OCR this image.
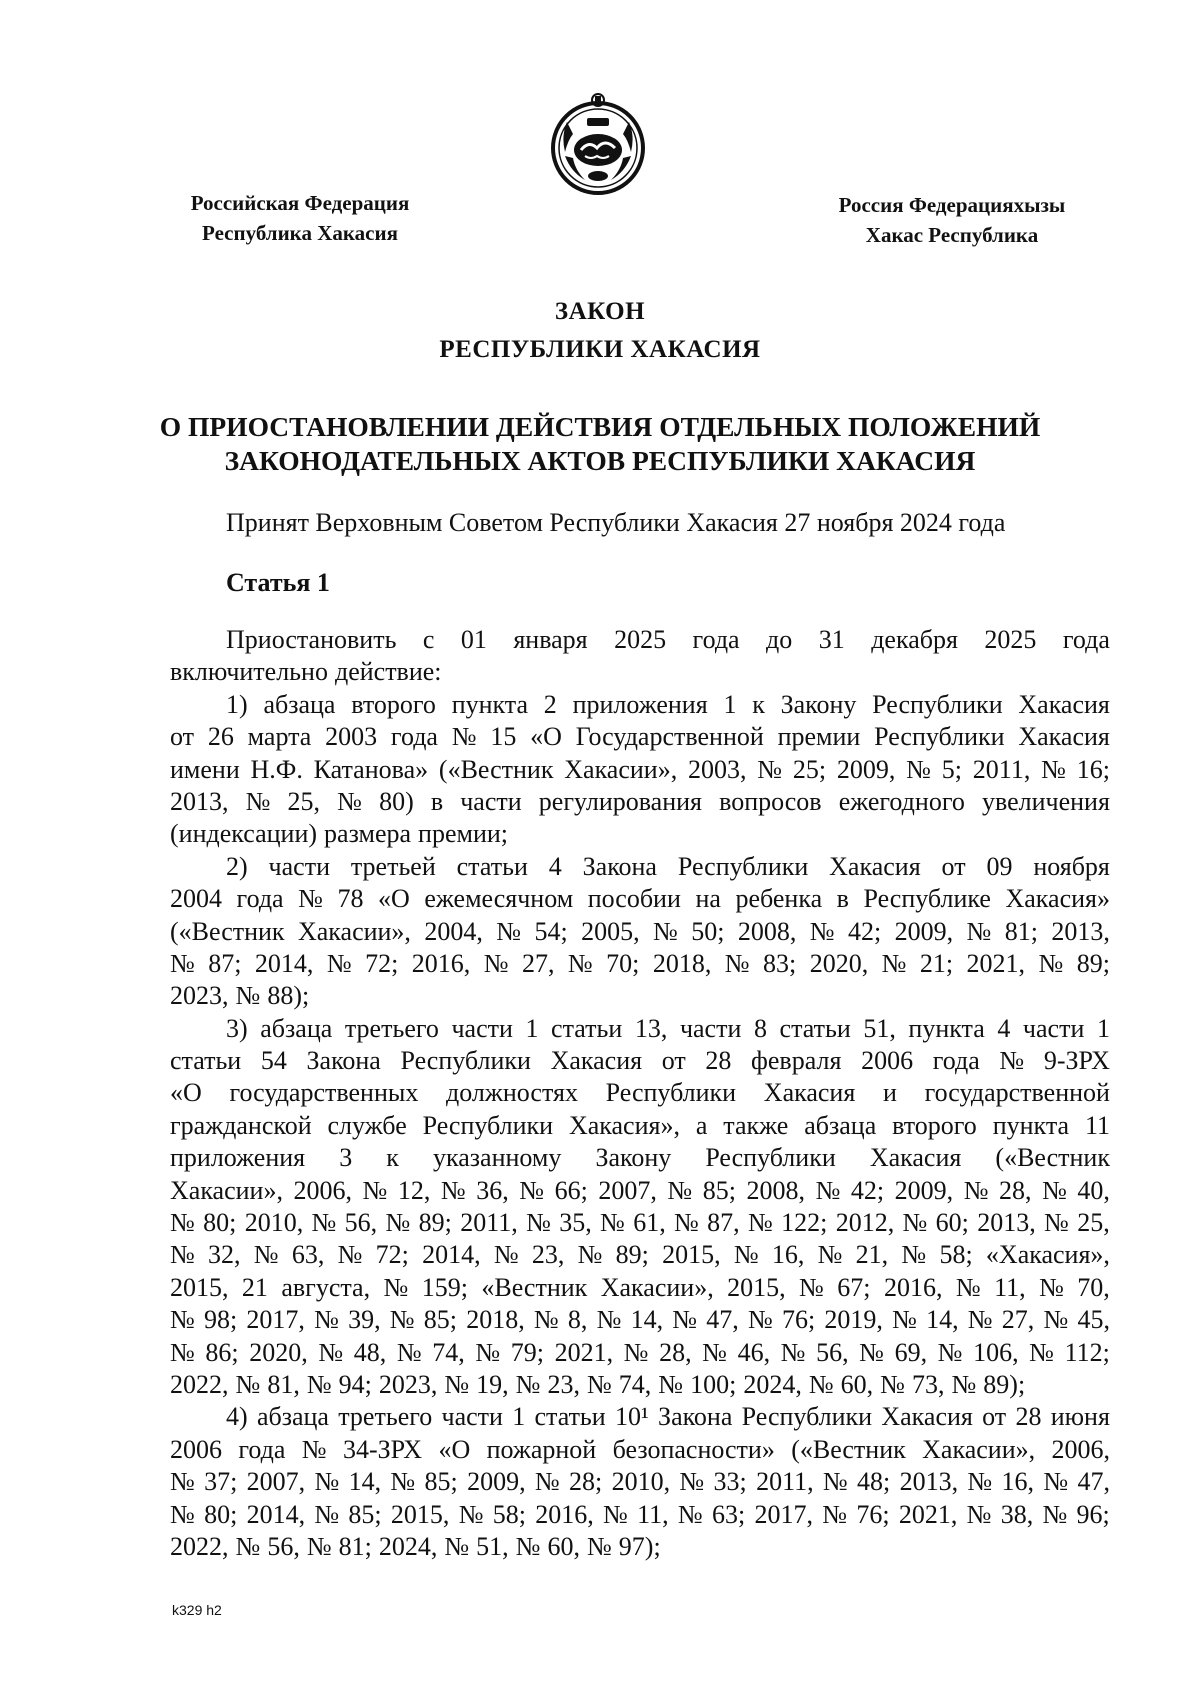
Российская Федерация
Республика Хакасия
Россия Федерацияхызы
Хакас Республика
ЗАКОН
РЕСПУБЛИКИ ХАКАСИЯ
О ПРИОСТАНОВЛЕНИИ ДЕЙСТВИЯ ОТДЕЛЬНЫХ ПОЛОЖЕНИЙ
ЗАКОНОДАТЕЛЬНЫХ АКТОВ РЕСПУБЛИКИ ХАКАСИЯ
Принят Верховным Советом Республики Хакасия 27 ноября 2024 года
Статья 1
Приостановить с 01 января 2025 года до 31 декабря 2025 года
включительно действие:
1) абзаца второго пункта 2 приложения 1 к Закону Республики Хакасия
от 26 марта 2003 года № 15 «О Государственной премии Республики Хакасия
имени Н.Ф. Катанова» («Вестник Хакасии», 2003, № 25; 2009, № 5; 2011, № 16;
2013, № 25, № 80) в части регулирования вопросов ежегодного увеличения
(индексации) размера премии;
2) части третьей статьи 4 Закона Республики Хакасия от 09 ноября
2004 года № 78 «О ежемесячном пособии на ребенка в Республике Хакасия»
(«Вестник Хакасии», 2004, № 54; 2005, № 50; 2008, № 42; 2009, № 81; 2013,
№ 87; 2014, № 72; 2016, № 27, № 70; 2018, № 83; 2020, № 21; 2021, № 89;
2023, № 88);
3) абзаца третьего части 1 статьи 13, части 8 статьи 51, пункта 4 части 1
статьи 54 Закона Республики Хакасия от 28 февраля 2006 года № 9-ЗРХ
«О государственных должностях Республики Хакасия и государственной
гражданской службе Республики Хакасия», а также абзаца второго пункта 11
приложения 3 к указанному Закону Республики Хакасия («Вестник
Хакасии», 2006, № 12, № 36, № 66; 2007, № 85; 2008, № 42; 2009, № 28, № 40,
№ 80; 2010, № 56, № 89; 2011, № 35, № 61, № 87, № 122; 2012, № 60; 2013, № 25,
№ 32, № 63, № 72; 2014, № 23, № 89; 2015, № 16, № 21, № 58; «Хакасия»,
2015, 21 августа, № 159; «Вестник Хакасии», 2015, № 67; 2016, № 11, № 70,
№ 98; 2017, № 39, № 85; 2018, № 8, № 14, № 47, № 76; 2019, № 14, № 27, № 45,
№ 86; 2020, № 48, № 74, № 79; 2021, № 28, № 46, № 56, № 69, № 106, № 112;
2022, № 81, № 94; 2023, № 19, № 23, № 74, № 100; 2024, № 60, № 73, № 89);
4) абзаца третьего части 1 статьи 10¹ Закона Республики Хакасия от 28 июня
2006 года № 34-ЗРХ «О пожарной безопасности» («Вестник Хакасии», 2006,
№ 37; 2007, № 14, № 85; 2009, № 28; 2010, № 33; 2011, № 48; 2013, № 16, № 47,
№ 80; 2014, № 85; 2015, № 58; 2016, № 11, № 63; 2017, № 76; 2021, № 38, № 96;
2022, № 56, № 81; 2024, № 51, № 60, № 97);
k329 h2
